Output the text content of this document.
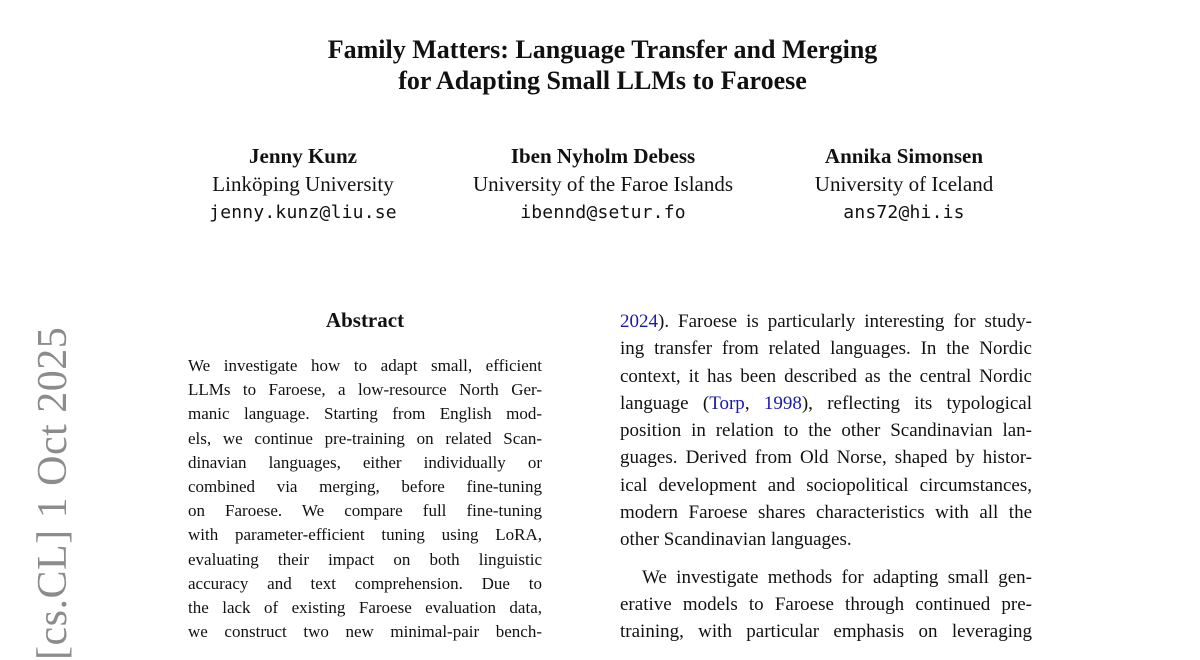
Family Matters: Language Transfer and Merging
for Adapting Small LLMs to Faroese
Jenny Kunz
Linköping University
jenny.kunz@liu.se
Iben Nyholm Debess
University of the Faroe Islands
ibennd@setur.fo
Annika Simonsen
University of Iceland
ans72@hi.is
[cs.CL] 1 Oct 2025
Abstract
We investigate how to adapt small, efficient
LLMs to Faroese, a low-resource North Ger-
manic language. Starting from English mod-
els, we continue pre-training on related Scan-
dinavian languages, either individually or
combined via merging, before fine-tuning
on Faroese. We compare full fine-tuning
with parameter-efficient tuning using LoRA,
evaluating their impact on both linguistic
accuracy and text comprehension. Due to
the lack of existing Faroese evaluation data,
we construct two new minimal-pair bench-
2024). Faroese is particularly interesting for study-
ing transfer from related languages. In the Nordic
context, it has been described as the central Nordic
language (Torp, 1998), reflecting its typological
position in relation to the other Scandinavian lan-
guages. Derived from Old Norse, shaped by histor-
ical development and sociopolitical circumstances,
modern Faroese shares characteristics with all the
other Scandinavian languages.
We investigate methods for adapting small gen-
erative models to Faroese through continued pre-
training, with particular emphasis on leveraging
